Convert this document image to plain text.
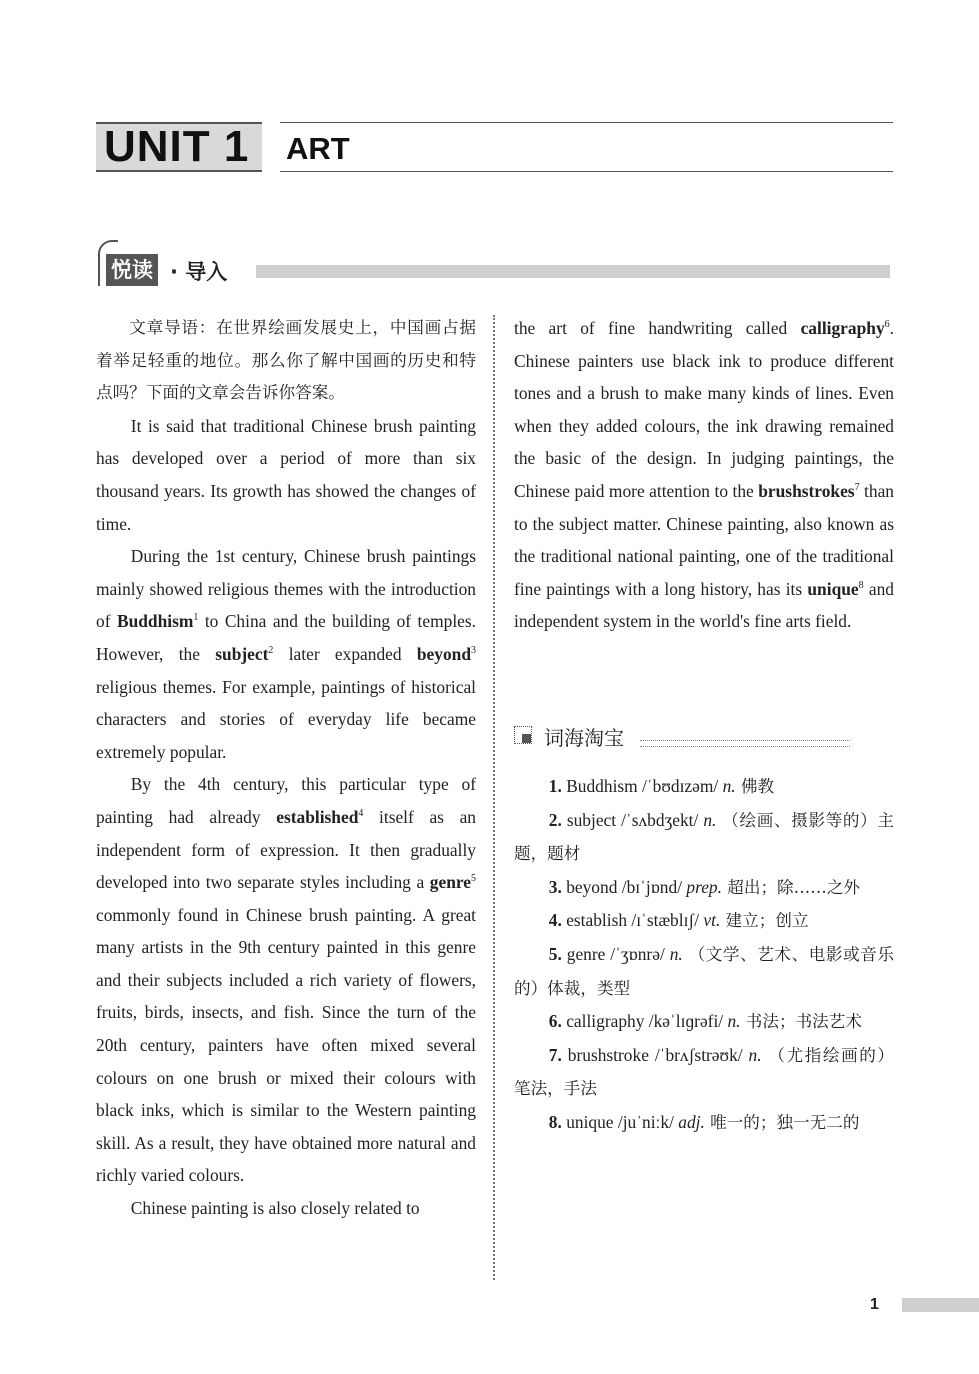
UNIT 1	ART
悦读 · 导入

文章导语：在世界绘画发展史上，中国画占据着举足轻重的地位。那么你了解中国画的历史和特点吗？下面的文章会告诉你答案。

It is said that traditional Chinese brush painting has developed over a period of more than six thousand years. Its growth has showed the changes of time.

During the 1st century, Chinese brush paintings mainly showed religious themes with the introduction of Buddhism$^1$ to China and the building of temples. However, the subject$^2$ later expanded beyond$^3$ religious themes. For example, paintings of historical characters and stories of everyday life became extremely popular.

By the 4th century, this particular type of painting had already established$^4$ itself as an independent form of expression. It then gradually developed into two separate styles including a genre$^5$ commonly found in Chinese brush painting. A great many artists in the 9th century painted in this genre and their subjects included a rich variety of flowers, fruits, birds, insects, and fish. Since the turn of the 20th century, painters have often mixed several colours on one brush or mixed their colours with black inks, which is similar to the Western painting skill. As a result, they have obtained more natural and richly varied colours.

Chinese painting is also closely related to

the art of fine handwriting called calligraphy$^6$. Chinese painters use black ink to produce different tones and a brush to make many kinds of lines. Even when they added colours, the ink drawing remained the basic of the design. In judging paintings, the Chinese paid more attention to the brushstrokes$^7$ than to the subject matter. Chinese painting, also known as the traditional national painting, one of the traditional fine paintings with a long history, has its unique$^8$ and independent system in the world's fine arts field.

词海淘宝

1. Buddhism /ˈbʊdɪzəm/ n. 佛教

2. subject /ˈsʌbdʒekt/ n. （绘画、摄影等的）主题，题材

3. beyond /bɪˈjɒnd/ prep. 超出；除……之外

4. establish /ɪˈstæblɪʃ/ vt. 建立；创立

5. genre /ˈʒɒnrə/ n. （文学、艺术、电影或音乐的）体裁，类型

6. calligraphy /kəˈlɪɡrəfi/ n. 书法；书法艺术

7. brushstroke /ˈbrʌʃstrəʊk/ n. （尤指绘画的）笔法，手法

8. unique /juˈniːk/ adj. 唯一的；独一无二的

1
